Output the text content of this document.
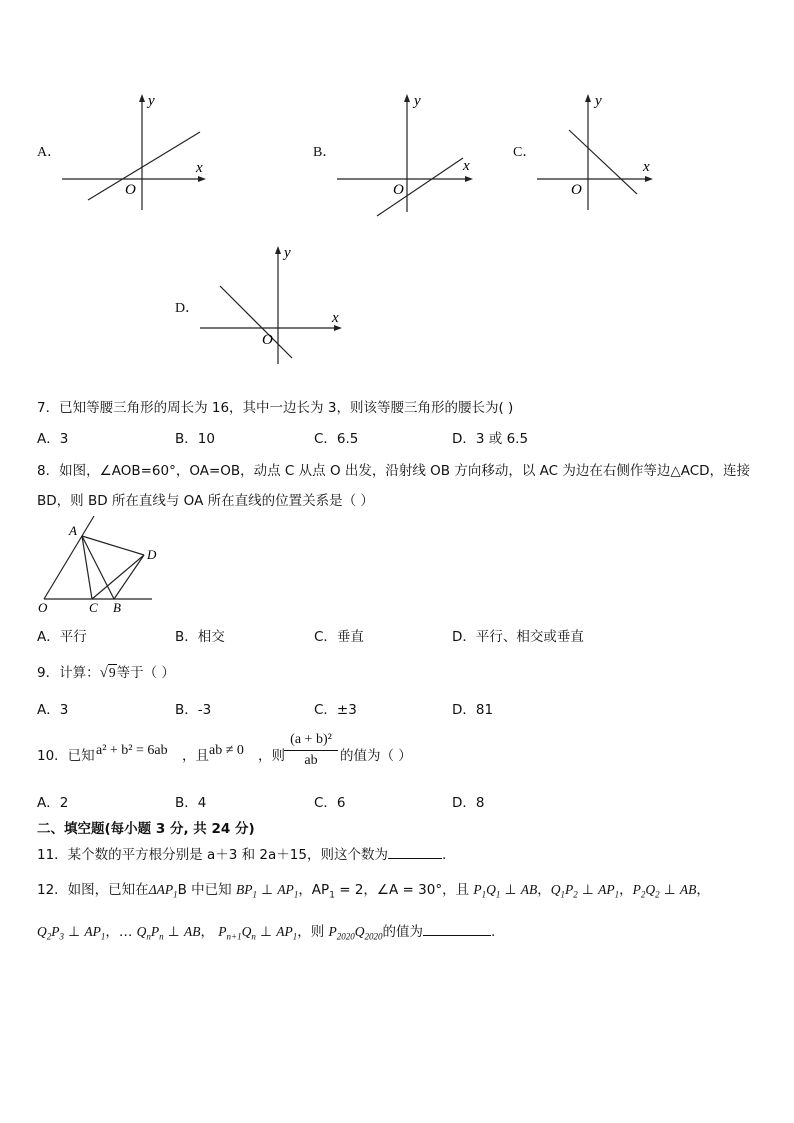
A．
y
x
O
B．
y
x
O
C．
y
x
O
D．
y
x
O
7．已知等腰三角形的周长为 16，其中一边长为 3，则该等腰三角形的腰长为( )
A．3	B．10	C．6.5	D．3 或 6.5
8．如图，∠AOB=60°，OA=OB，动点 C 从点 O 出发，沿射线 OB 方向移动，以 AC 为边在右侧作等边△ACD，连接
BD，则 BD 所在直线与 OA 所在直线的位置关系是（ ）
A
D
O	C B
A．平行	B．相交	C．垂直	D．平行、相交或垂直
9．计算：√9等于（ ）
A．3	B．-3	C．±3	D．81
10．已知 a² + b² = 6ab ，且 ab ≠ 0 ，则 $\frac{\text{(a + b)²}}{ab}$ 的值为（ ）
A．2	B．4	C．6	D．8
二、填空题(每小题 3 分, 共 24 分)
11．某个数的平方根分别是 a＋3 和 2a＋15，则这个数为	.
12．如图，已知在$\Delta AP_1B$ 中已知 $BP_1$ ⊥ $AP_1$，$AP_1 = 2$，∠A = 30°，且 $P_1Q_1$ ⊥ AB，$Q_1P_2$ ⊥ $AP_1$，$P_2Q_2$ ⊥ AB，
$Q_2P_3$ ⊥ $AP_1$，… $Q_nP_n$ ⊥ AB， $P_{n+1}Q_n$ ⊥ $AP_1$，则 $P_{2020}Q_{2020}$的值为	.
